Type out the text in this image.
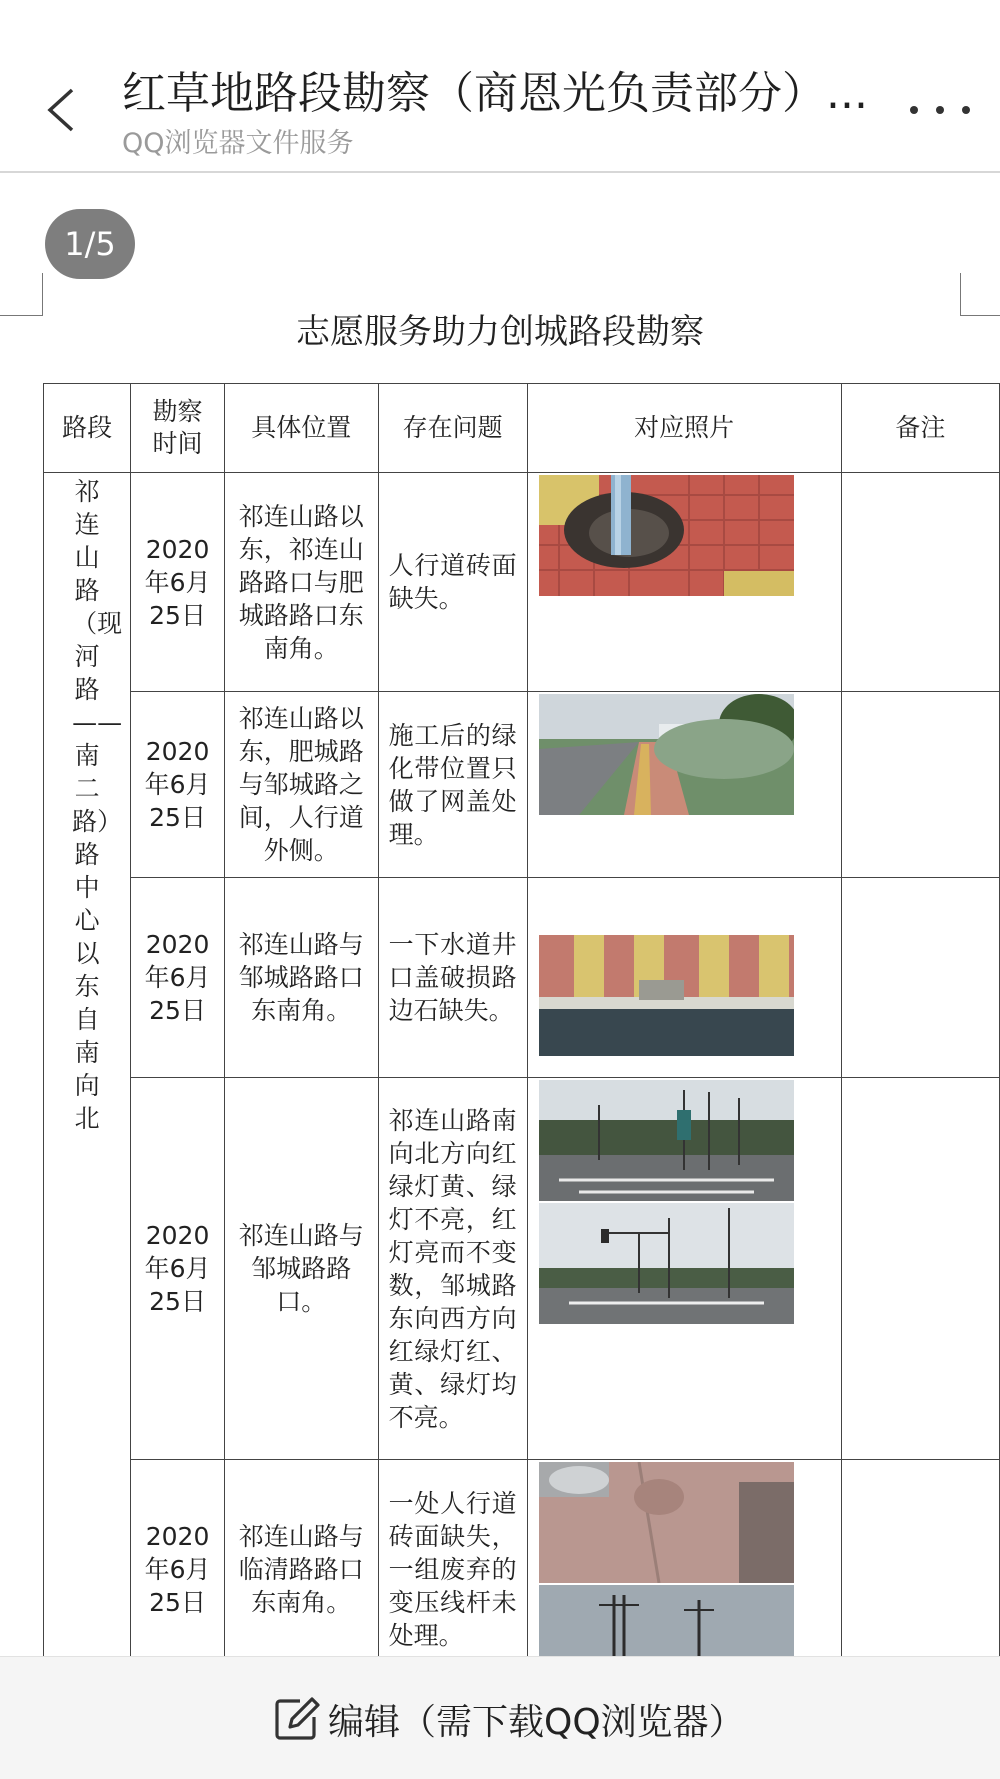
红草地路段勘察（商恩光负责部分）...
QQ浏览器文件服务
1/5
志愿服务助力创城路段勘察
路段	勘察时间	具体位置	存在问题	对应照片	备注

祁连山路（现河路——南二路）路中心以东自南向北	2020年6月25日	祁连山路以东，祁连山路路口与肥城路路口东南角。	人行道砖面缺失。	

	2020年6月25日	祁连山路以东，肥城路与邹城路之间，人行道外侧。	施工后的绿化带位置只做了网盖处理。	

	2020年6月25日	祁连山路与邹城路路口东南角。	一下水道井口盖破损路边石缺失。	

	2020年6月25日	祁连山路与邹城路路口。	祁连山路南向北方向红绿灯黄、绿灯不亮，红灯亮而不变数，邹城路东向西方向红绿灯红、黄、绿灯均不亮。	

	2020年6月25日	祁连山路与临清路路口东南角。	一处人行道砖面缺失，一组废弃的变压线杆未处理。	

编辑（需下载QQ浏览器）
